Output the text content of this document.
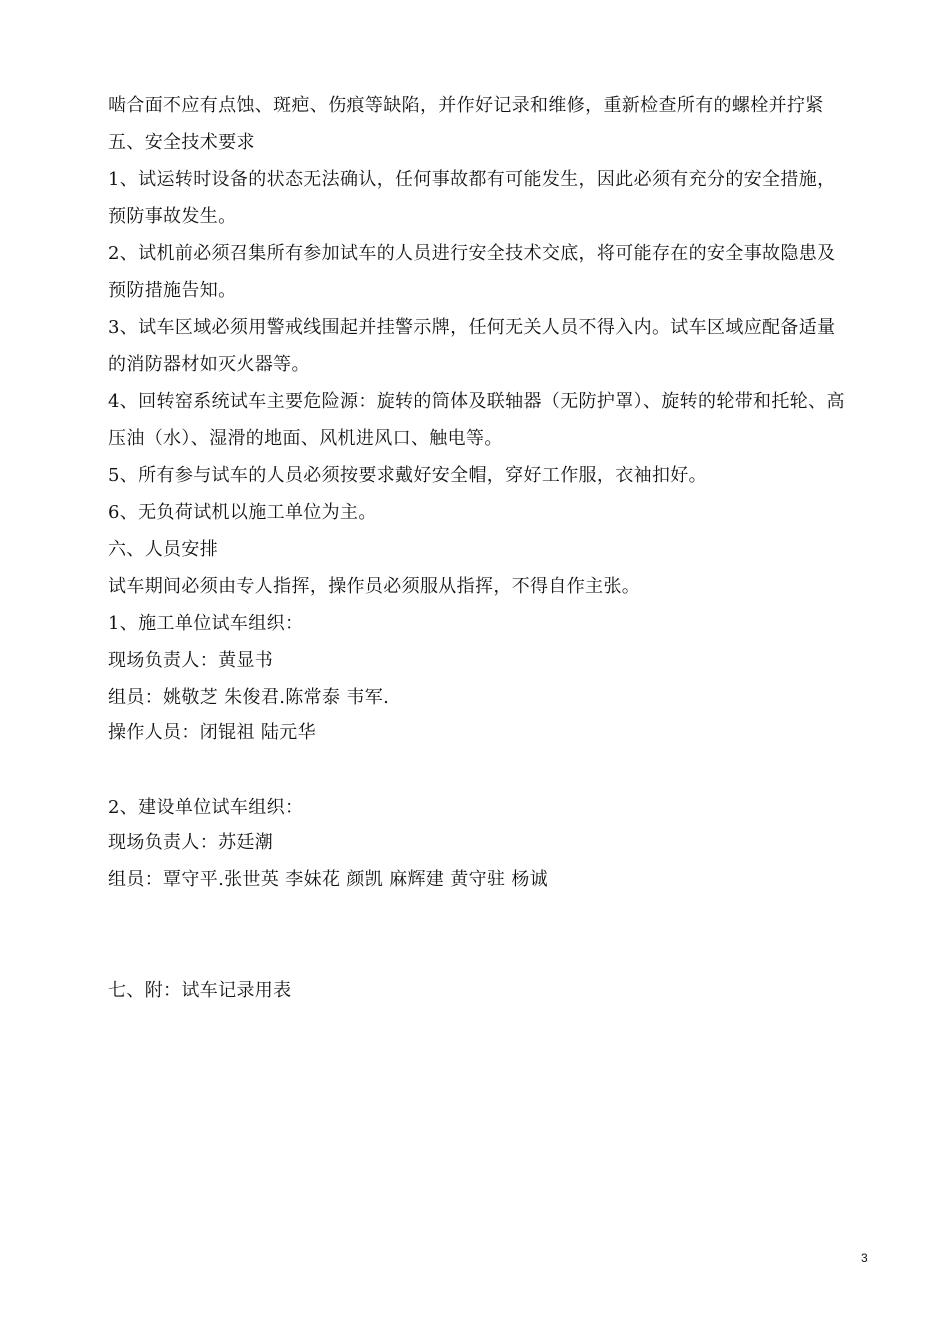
啮合面不应有点蚀、斑疤、伤痕等缺陷，并作好记录和维修，重新检查所有的螺栓并拧紧
五、安全技术要求
1、试运转时设备的状态无法确认，任何事故都有可能发生，因此必须有充分的安全措施，
预防事故发生。
2、试机前必须召集所有参加试车的人员进行安全技术交底，将可能存在的安全事故隐患及
预防措施告知。
3、试车区域必须用警戒线围起并挂警示牌，任何无关人员不得入内。试车区域应配备适量
的消防器材如灭火器等。
4、回转窑系统试车主要危险源：旋转的筒体及联轴器（无防护罩）、旋转的轮带和托轮、高
压油（水）、湿滑的地面、风机进风口、触电等。
5、所有参与试车的人员必须按要求戴好安全帽，穿好工作服，衣袖扣好。
6、无负荷试机以施工单位为主。
六、人员安排
试车期间必须由专人指挥，操作员必须服从指挥，不得自作主张。
1、施工单位试车组织：
现场负责人：黄显书
组员：姚敬芝 朱俊君.陈常泰 韦军.
操作人员：闭锟祖 陆元华
2、建设单位试车组织：
现场负责人：苏廷潮
组员：覃守平.张世英 李妹花 颜凯 麻辉建 黄守驻 杨诚
七、附：试车记录用表
3
